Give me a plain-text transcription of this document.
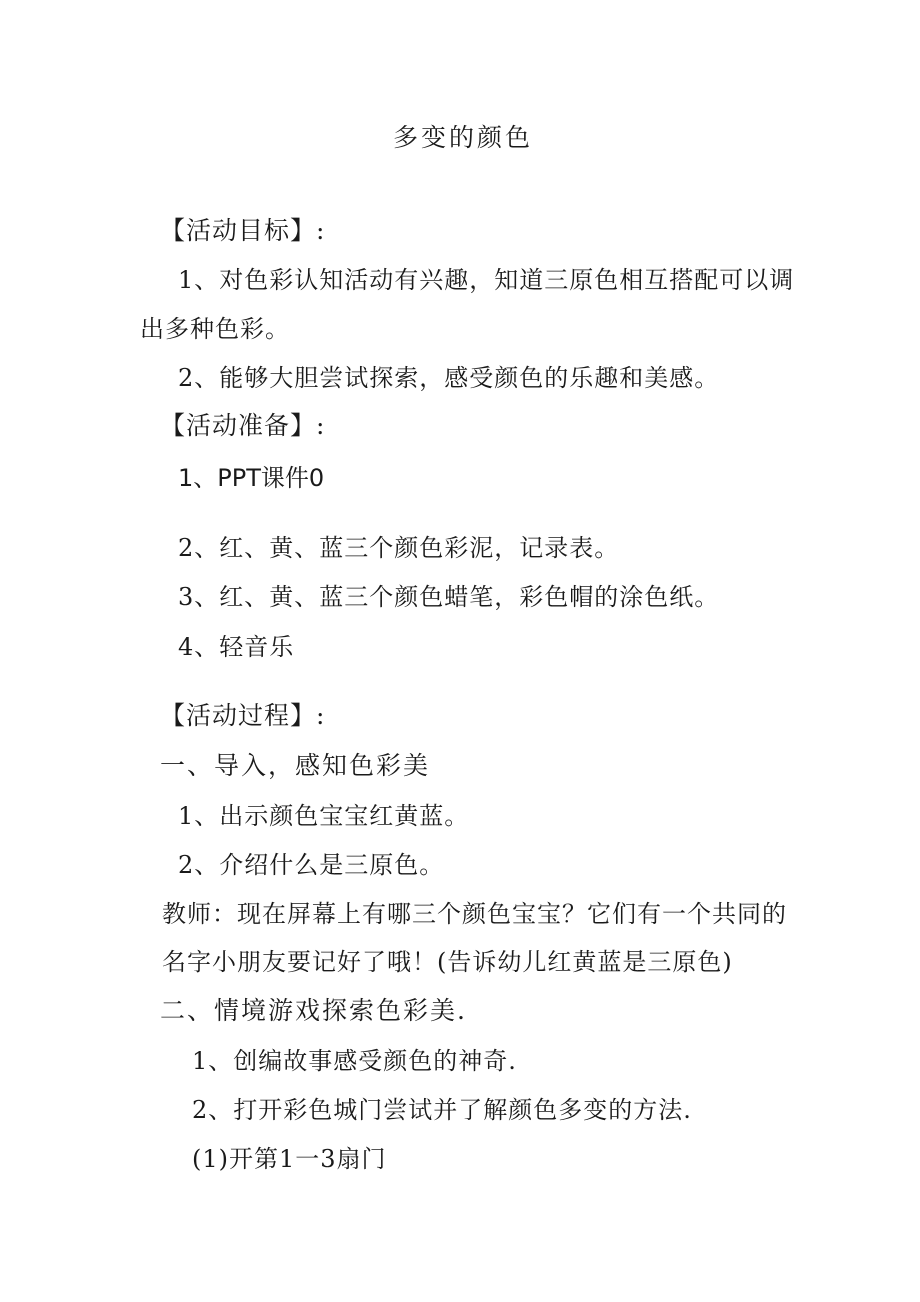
多变的颜色
【活动目标】:
1、对色彩认知活动有兴趣，知道三原色相互搭配可以调
出多种色彩。
2、能够大胆尝试探索，感受颜色的乐趣和美感。
【活动准备】:
1、PPT课件0
2、红、黄、蓝三个颜色彩泥，记录表。
3、红、黄、蓝三个颜色蜡笔，彩色帽的涂色纸。
4、轻音乐
【活动过程】:
一、导入，感知色彩美
1、出示颜色宝宝红黄蓝。
2、介绍什么是三原色。
教师：现在屏幕上有哪三个颜色宝宝？它们有一个共同的
名字小朋友要记好了哦！(告诉幼儿红黄蓝是三原色)
二、情境游戏探索色彩美.
1、创编故事感受颜色的神奇.
2、打开彩色城门尝试并了解颜色多变的方法.
(1)开第1一3扇门
